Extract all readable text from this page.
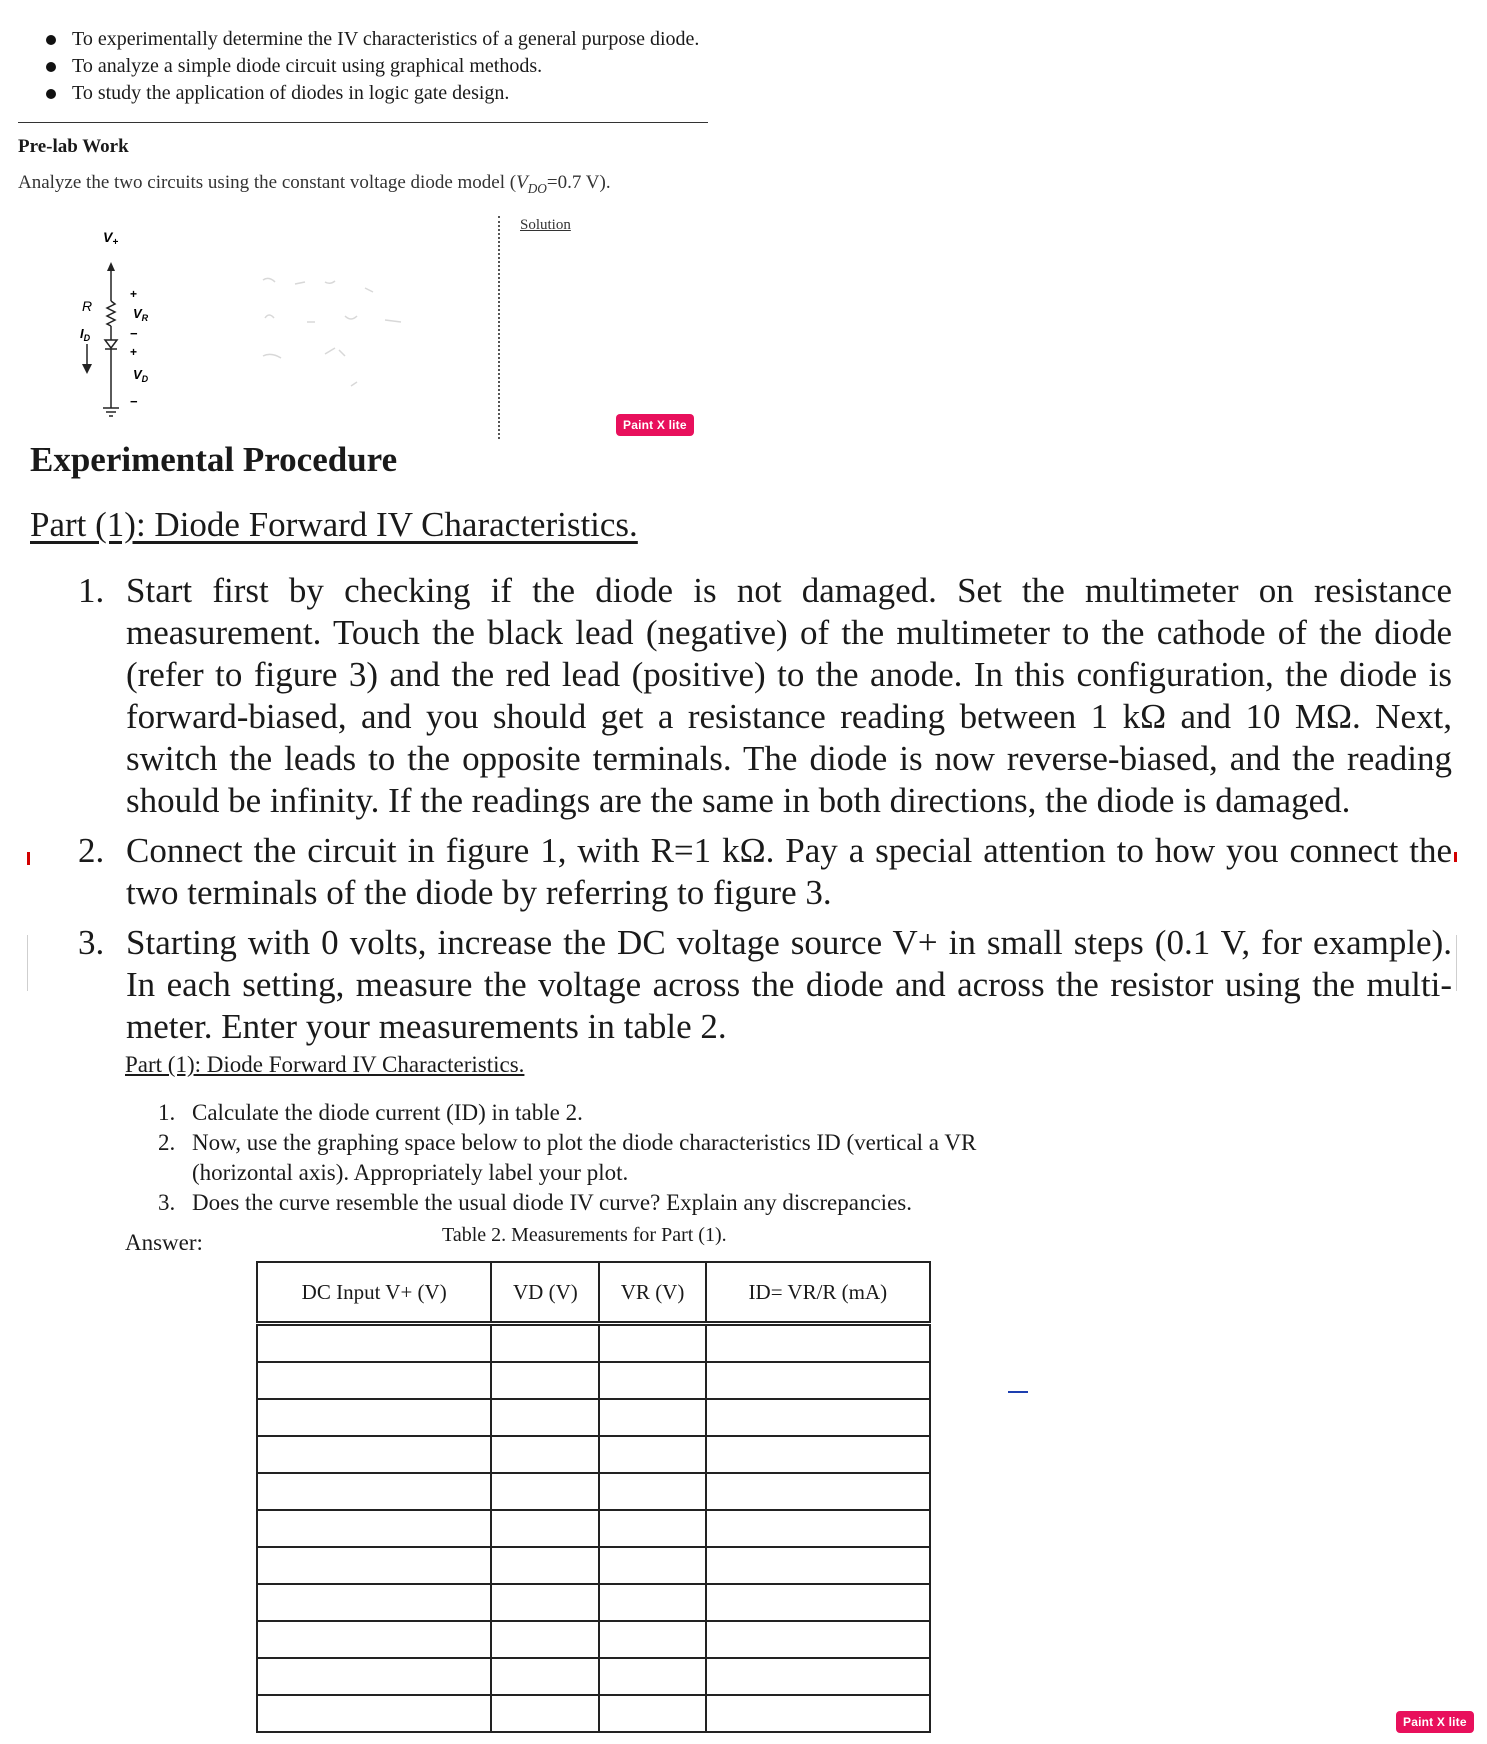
To experimentally determine the IV characteristics of a general purpose diode.
To analyze a simple diode circuit using graphical methods.
To study the application of diodes in logic gate design.
Pre-lab Work
Analyze the two circuits using the constant voltage diode model ($V_{DO}=0.7$ V).
Solution
$V_+$
R
$I_D$
+
$V_R$
−
+
$V_D$
−
Paint X lite
Paint X lite
Experimental Procedure
Part (1): Diode Forward IV Characteristics.
1. Start first by checking if the diode is not damaged. Set the multimeter on resistance measurement. Touch the black lead (negative) of the multimeter to the cathode of the diode (refer to figure 3) and the red lead (positive) to the anode. In this configuration, the diode is forward-biased, and you should get a resistance reading between 1 kΩ and 10 MΩ. Next, switch the leads to the opposite terminals. The diode is now reverse-biased, and the reading should be infinity. If the readings are the same in both directions, the diode is damaged.
2. Connect the circuit in figure 1, with R=1 kΩ. Pay a special attention to how you connect the two terminals of the diode by referring to figure 3.
3. Starting with 0 volts, increase the DC voltage source V+ in small steps (0.1 V, for example). In each setting, measure the voltage across the diode and across the resistor using the multi-meter. Enter your measurements in table 2.
Part (1): Diode Forward IV Characteristics.
1. Calculate the diode current (ID) in table 2.
2. Now, use the graphing space below to plot the diode characteristics ID (vertical a VR (horizontal axis). Appropriately label your plot.
3. Does the curve resemble the usual diode IV curve? Explain any discrepancies.
Answer:	Table 2. Measurements for Part (1).
DC Input V+ (V)	VD (V)	VR (V)	ID= VR/R (mA)
